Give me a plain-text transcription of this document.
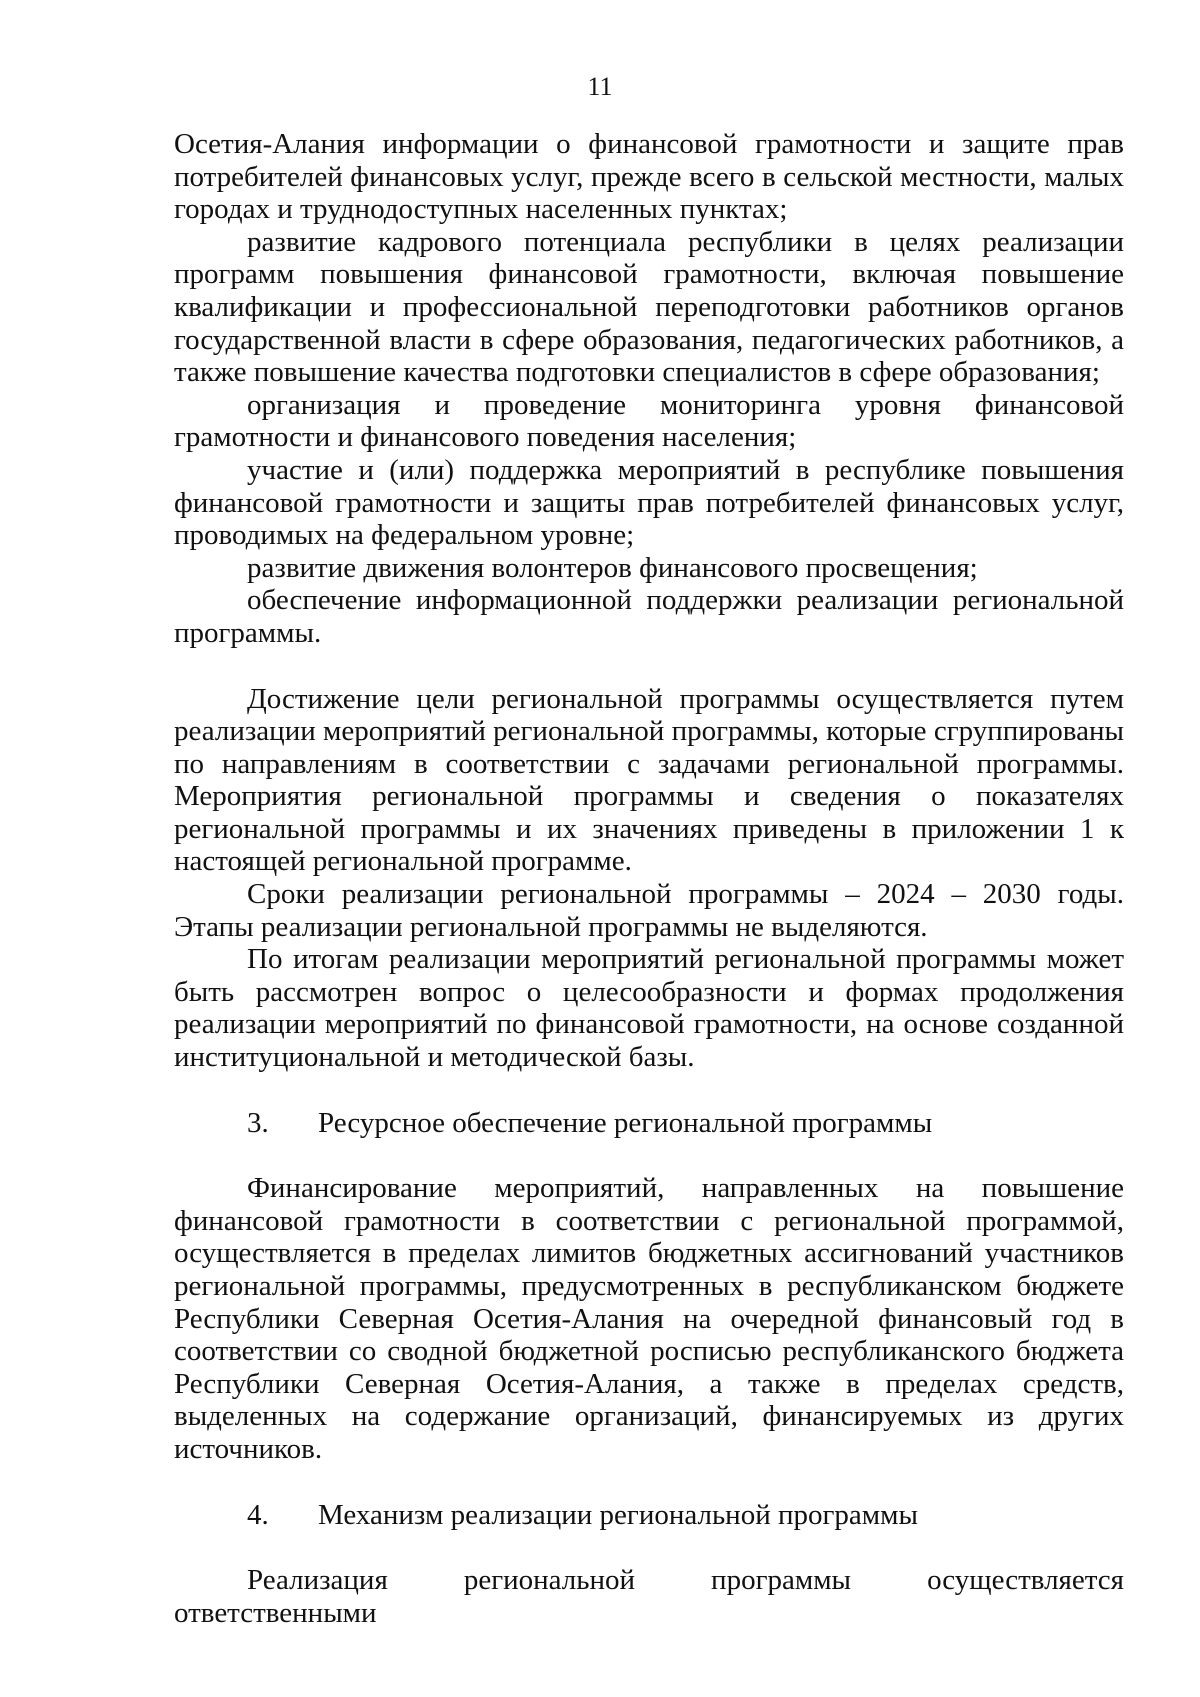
11

Осетия-Алания информации о финансовой грамотности и защите прав потребителей финансовых услуг, прежде всего в сельской местности, малых городах и труднодоступных населенных пунктах;

развитие кадрового потенциала республики в целях реализации программ повышения финансовой грамотности, включая повышение квалификации и профессиональной переподготовки работников органов государственной власти в сфере образования, педагогических работников, а также повышение качества подготовки специалистов в сфере образования;

организация и проведение мониторинга уровня финансовой грамотности и финансового поведения населения;

участие и (или) поддержка мероприятий в республике повышения финансовой грамотности и защиты прав потребителей финансовых услуг, проводимых на федеральном уровне;

развитие движения волонтеров финансового просвещения;

обеспечение информационной поддержки реализации региональной программы.

Достижение цели региональной программы осуществляется путем реализации мероприятий региональной программы, которые сгруппированы по направлениям в соответствии с задачами региональной программы. Мероприятия региональной программы и сведения о показателях региональной программы и их значениях приведены в приложении 1 к настоящей региональной программе.

Сроки реализации региональной программы – 2024 – 2030 годы. Этапы реализации региональной программы не выделяются.

По итогам реализации мероприятий региональной программы может быть рассмотрен вопрос о целесообразности и формах продолжения реализации мероприятий по финансовой грамотности, на основе созданной институциональной и методической базы.

3.	Ресурсное обеспечение региональной программы

Финансирование мероприятий, направленных на повышение финансовой грамотности в соответствии с региональной программой, осуществляется в пределах лимитов бюджетных ассигнований участников региональной программы, предусмотренных в республиканском бюджете Республики Северная Осетия-Алания на очередной финансовый год в соответствии со сводной бюджетной росписью республиканского бюджета Республики Северная Осетия-Алания, а также в пределах средств, выделенных на содержание организаций, финансируемых из других источников.

4.	Механизм реализации региональной программы

Реализация региональной программы осуществляется ответственными
